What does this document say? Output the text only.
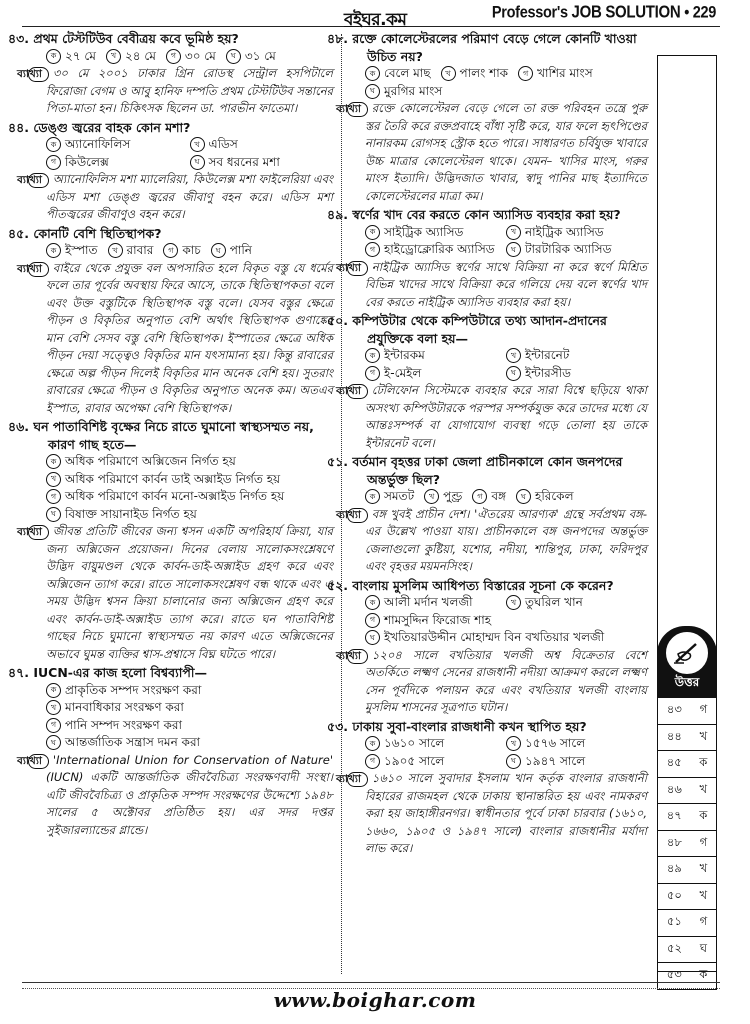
বইঘর.কম	Professor's JOB SOLUTION • 229
৪৩. প্রথম টেস্টটিউব বেবীত্রয় কবে ভূমিষ্ঠ হয়?
ক ২৭ মে	খ ২৪ মে	গ ৩০ মে	ঘ ৩১ মে
ব্যাখ্যা ৩০ মে ২০০১ ঢাকার গ্রিন রোডস্থ সেন্ট্রাল হসপিটালে ফিরোজা বেগম ও আবু হানিফ দম্পতি প্রথম টেস্টটিউব সন্তানের পিতা-মাতা হন। চিকিৎসক ছিলেন ডা. পারভীন ফাতেমা।
৪৪. ডেঙ্গু জ্বরের বাহক কোন মশা?
ক অ্যানোফিলিস	খ এডিস
গ কিউলেক্স	ঘ সব ধরনের মশা
ব্যাখ্যা অ্যানোফিলিস মশা ম্যালেরিয়া, কিউলেক্স মশা ফাইলেরিয়া এবং এডিস মশা ডেঙ্গু জ্বরের জীবাণু বহন করে। এডিস মশা পীতজ্বরের জীবাণুও বহন করে।
৪৫. কোনটি বেশি স্থিতিস্থাপক?
ক ইস্পাত	খ রাবার	গ কাচ	ঘ পানি
ব্যাখ্যা বাইরে থেকে প্রযুক্ত বল অপসারিত হলে বিকৃত বস্তু যে ধর্মের ফলে তার পূর্বের অবস্থায় ফিরে আসে, তাকে স্থিতিস্থাপকতা বলে এবং উক্ত বস্তুটিকে স্থিতিস্থাপক বস্তু বলে। যেসব বস্তুর ক্ষেত্রে পীড়ন ও বিকৃতির অনুপাত বেশি অর্থাৎ স্থিতিস্থাপক গুণাঙ্কের মান বেশি সেসব বস্তু বেশি স্থিতিস্থাপক। ইস্পাতের ক্ষেত্রে অধিক পীড়ন দেয়া সত্ত্বেও বিকৃতির মান যৎসামান্য হয়। কিন্তু রাবারের ক্ষেত্রে অল্প পীড়ন দিলেই বিকৃতির মান অনেক বেশি হয়। সুতরাং রাবারের ক্ষেত্রে পীড়ন ও বিকৃতির অনুপাত অনেক কম। অতএব ইস্পাত, রাবার অপেক্ষা বেশি স্থিতিস্থাপক।
৪৬. ঘন পাতাবিশিষ্ট বৃক্ষের নিচে রাতে ঘুমানো স্বাস্থ্যসম্মত নয়, কারণ গাছ হতে—
ক অধিক পরিমাণে অক্সিজেন নির্গত হয়
খ অধিক পরিমাণে কার্বন ডাই অক্সাইড নির্গত হয়
গ অধিক পরিমাণে কার্বন মনো-অক্সাইড নির্গত হয়
ঘ বিষাক্ত সায়ানাইড নির্গত হয়
ব্যাখ্যা জীবন্ত প্রতিটি জীবের জন্য শ্বসন একটি অপরিহার্য ক্রিয়া, যার জন্য অক্সিজেন প্রয়োজন। দিনের বেলায় সালোকসংশ্লেষণে উদ্ভিদ বায়ুমণ্ডল থেকে কার্বন-ডাই-অক্সাইড গ্রহণ করে এবং অক্সিজেন ত্যাগ করে। রাতে সালোকসংশ্লেষণ বন্ধ থাকে এবং এ সময় উদ্ভিদ শ্বসন ক্রিয়া চালানোর জন্য অক্সিজেন গ্রহণ করে এবং কার্বন-ডাই-অক্সাইড ত্যাগ করে। রাতে ঘন পাতাবিশিষ্ট গাছের নিচে ঘুমানো স্বাস্থ্যসম্মত নয় কারণ এতে অক্সিজেনের অভাবে ঘুমন্ত ব্যক্তির শ্বাস-প্রশ্বাসে বিঘ্ন ঘটতে পারে।
৪৭. IUCN-এর কাজ হলো বিশ্বব্যাপী—
ক প্রাকৃতিক সম্পদ সংরক্ষণ করা
খ মানবাধিকার সংরক্ষণ করা
গ পানি সম্পদ সংরক্ষণ করা
ঘ আন্তর্জাতিক সন্ত্রাস দমন করা
ব্যাখ্যা 'International Union for Conservation of Nature' (IUCN) একটি আন্তর্জাতিক জীববৈচিত্র্য সংরক্ষণবাদী সংস্থা। এটি জীববৈচিত্র্য ও প্রাকৃতিক সম্পদ সংরক্ষণের উদ্দেশ্যে ১৯৪৮ সালের ৫ অক্টোবর প্রতিষ্ঠিত হয়। এর সদর দপ্তর সুইজারল্যান্ডের গ্লান্ডে।
৪৮. রক্তে কোলেস্টেরলের পরিমাণ বেড়ে গেলে কোনটি খাওয়া উচিত নয়?
ক বেলে মাছ	খ পালং শাক	গ খাশির মাংস
ঘ মুরগির মাংস
ব্যাখ্যা রক্তে কোলেস্টেরল বেড়ে গেলে তা রক্ত পরিবহন তন্ত্রে পুরু স্তর তৈরি করে রক্তপ্রবাহে বাঁধা সৃষ্টি করে, যার ফলে হৃৎপিণ্ডের নানারকম রোগসহ স্ট্রোক হতে পারে। সাধারণত চর্বিযুক্ত খাবারে উচ্চ মাত্রার কোলেস্টেরল থাকে। যেমন– খাসির মাংস, গরুর মাংস ইত্যাদি। উদ্ভিদজাত খাবার, স্বাদু পানির মাছ ইত্যাদিতে কোলেস্টেরলের মাত্রা কম।
৪৯. স্বর্ণের খাদ বের করতে কোন অ্যাসিড ব্যবহার করা হয়?
ক সাইট্রিক অ্যাসিড	খ নাইট্রিক অ্যাসিড
গ হাইড্রোক্লোরিক অ্যাসিড	ঘ টারটারিক অ্যাসিড
ব্যাখ্যা নাইট্রিক অ্যাসিড স্বর্ণের সাথে বিক্রিয়া না করে স্বর্ণে মিশ্রিত বিভিন্ন খাদের সাথে বিক্রিয়া করে গলিয়ে দেয় বলে স্বর্ণের খাদ বের করতে নাইট্রিক অ্যাসিড ব্যবহার করা হয়।
৫০. কম্পিউটার থেকে কম্পিউটারে তথ্য আদান-প্রদানের প্রযুক্তিকে বলা হয়—
ক ইন্টারকম	খ ইন্টারনেট
গ ই-মেইল	ঘ ইন্টারসীড
ব্যাখ্যা টেলিফোন সিস্টেমকে ব্যবহার করে সারা বিশ্বে ছড়িয়ে থাকা অসংখ্য কম্পিউটারকে পরস্পর সম্পর্কযুক্ত করে তাদের মধ্যে যে আন্তঃসম্পর্ক বা যোগাযোগ ব্যবস্থা গড়ে তোলা হয় তাকে ইন্টারনেট বলে।
৫১. বর্তমান বৃহত্তর ঢাকা জেলা প্রাচীনকালে কোন জনপদের অন্তর্ভুক্ত ছিল?
ক সমতট	খ পুণ্ড্র	গ বঙ্গ	ঘ হরিকেল
ব্যাখ্যা বঙ্গ খুবই প্রাচীন দেশ। 'ঐতরেয় আরণ্যক' গ্রন্থে সর্বপ্রথম বঙ্গ-এর উল্লেখ পাওয়া যায়। প্রাচীনকালে বঙ্গ জনপদের অন্তর্ভুক্ত জেলাগুলো কুষ্টিয়া, যশোর, নদীয়া, শান্তিপুর, ঢাকা, ফরিদপুর এবং বৃহত্তর ময়মনসিংহ।
৫২. বাংলায় মুসলিম আধিপত্য বিস্তারের সূচনা কে করেন?
ক আলী মর্দান খলজী	খ তুঘরিল খান
গ শামসুদ্দিন ফিরোজ শাহ
ঘ ইখতিয়ারউদ্দীন মোহাম্মদ বিন বখতিয়ার খলজী
ব্যাখ্যা ১২০৪ সালে বখতিয়ার খলজী অশ্ব বিক্রেতার বেশে অতর্কিতে লক্ষ্মণ সেনের রাজধানী নদীয়া আক্রমণ করলে লক্ষ্মণ সেন পূর্বদিকে পলায়ন করে এবং বখতিয়ার খলজী বাংলায় মুসলিম শাসনের সূত্রপাত ঘটান।
৫৩. ঢাকায় সুবা-বাংলার রাজধানী কখন স্থাপিত হয়?
ক ১৬১০ সালে	খ ১৫৭৬ সালে
গ ১৯০৫ সালে	ঘ ১৯৪৭ সালে
ব্যাখ্যা ১৬১০ সালে সুবাদার ইসলাম খান কর্তৃক বাংলার রাজধানী বিহারের রাজমহল থেকে ঢাকায় স্থানান্তরিত হয় এবং নামকরণ করা হয় জাহাঙ্গীরনগর। স্বাধীনতার পূর্বে ঢাকা চারবার (১৬১০, ১৬৬০, ১৯০৫ ও ১৯৪৭ সালে) বাংলার রাজধানীর মর্যাদা লাভ করে।
উত্তর
৪৩ গ
৪৪ খ
৪৫ ক
৪৬ খ
৪৭ ক
৪৮ গ
৪৯ খ
৫০ খ
৫১ গ
৫২ ঘ
৫৩ ক
www.boighar.com
